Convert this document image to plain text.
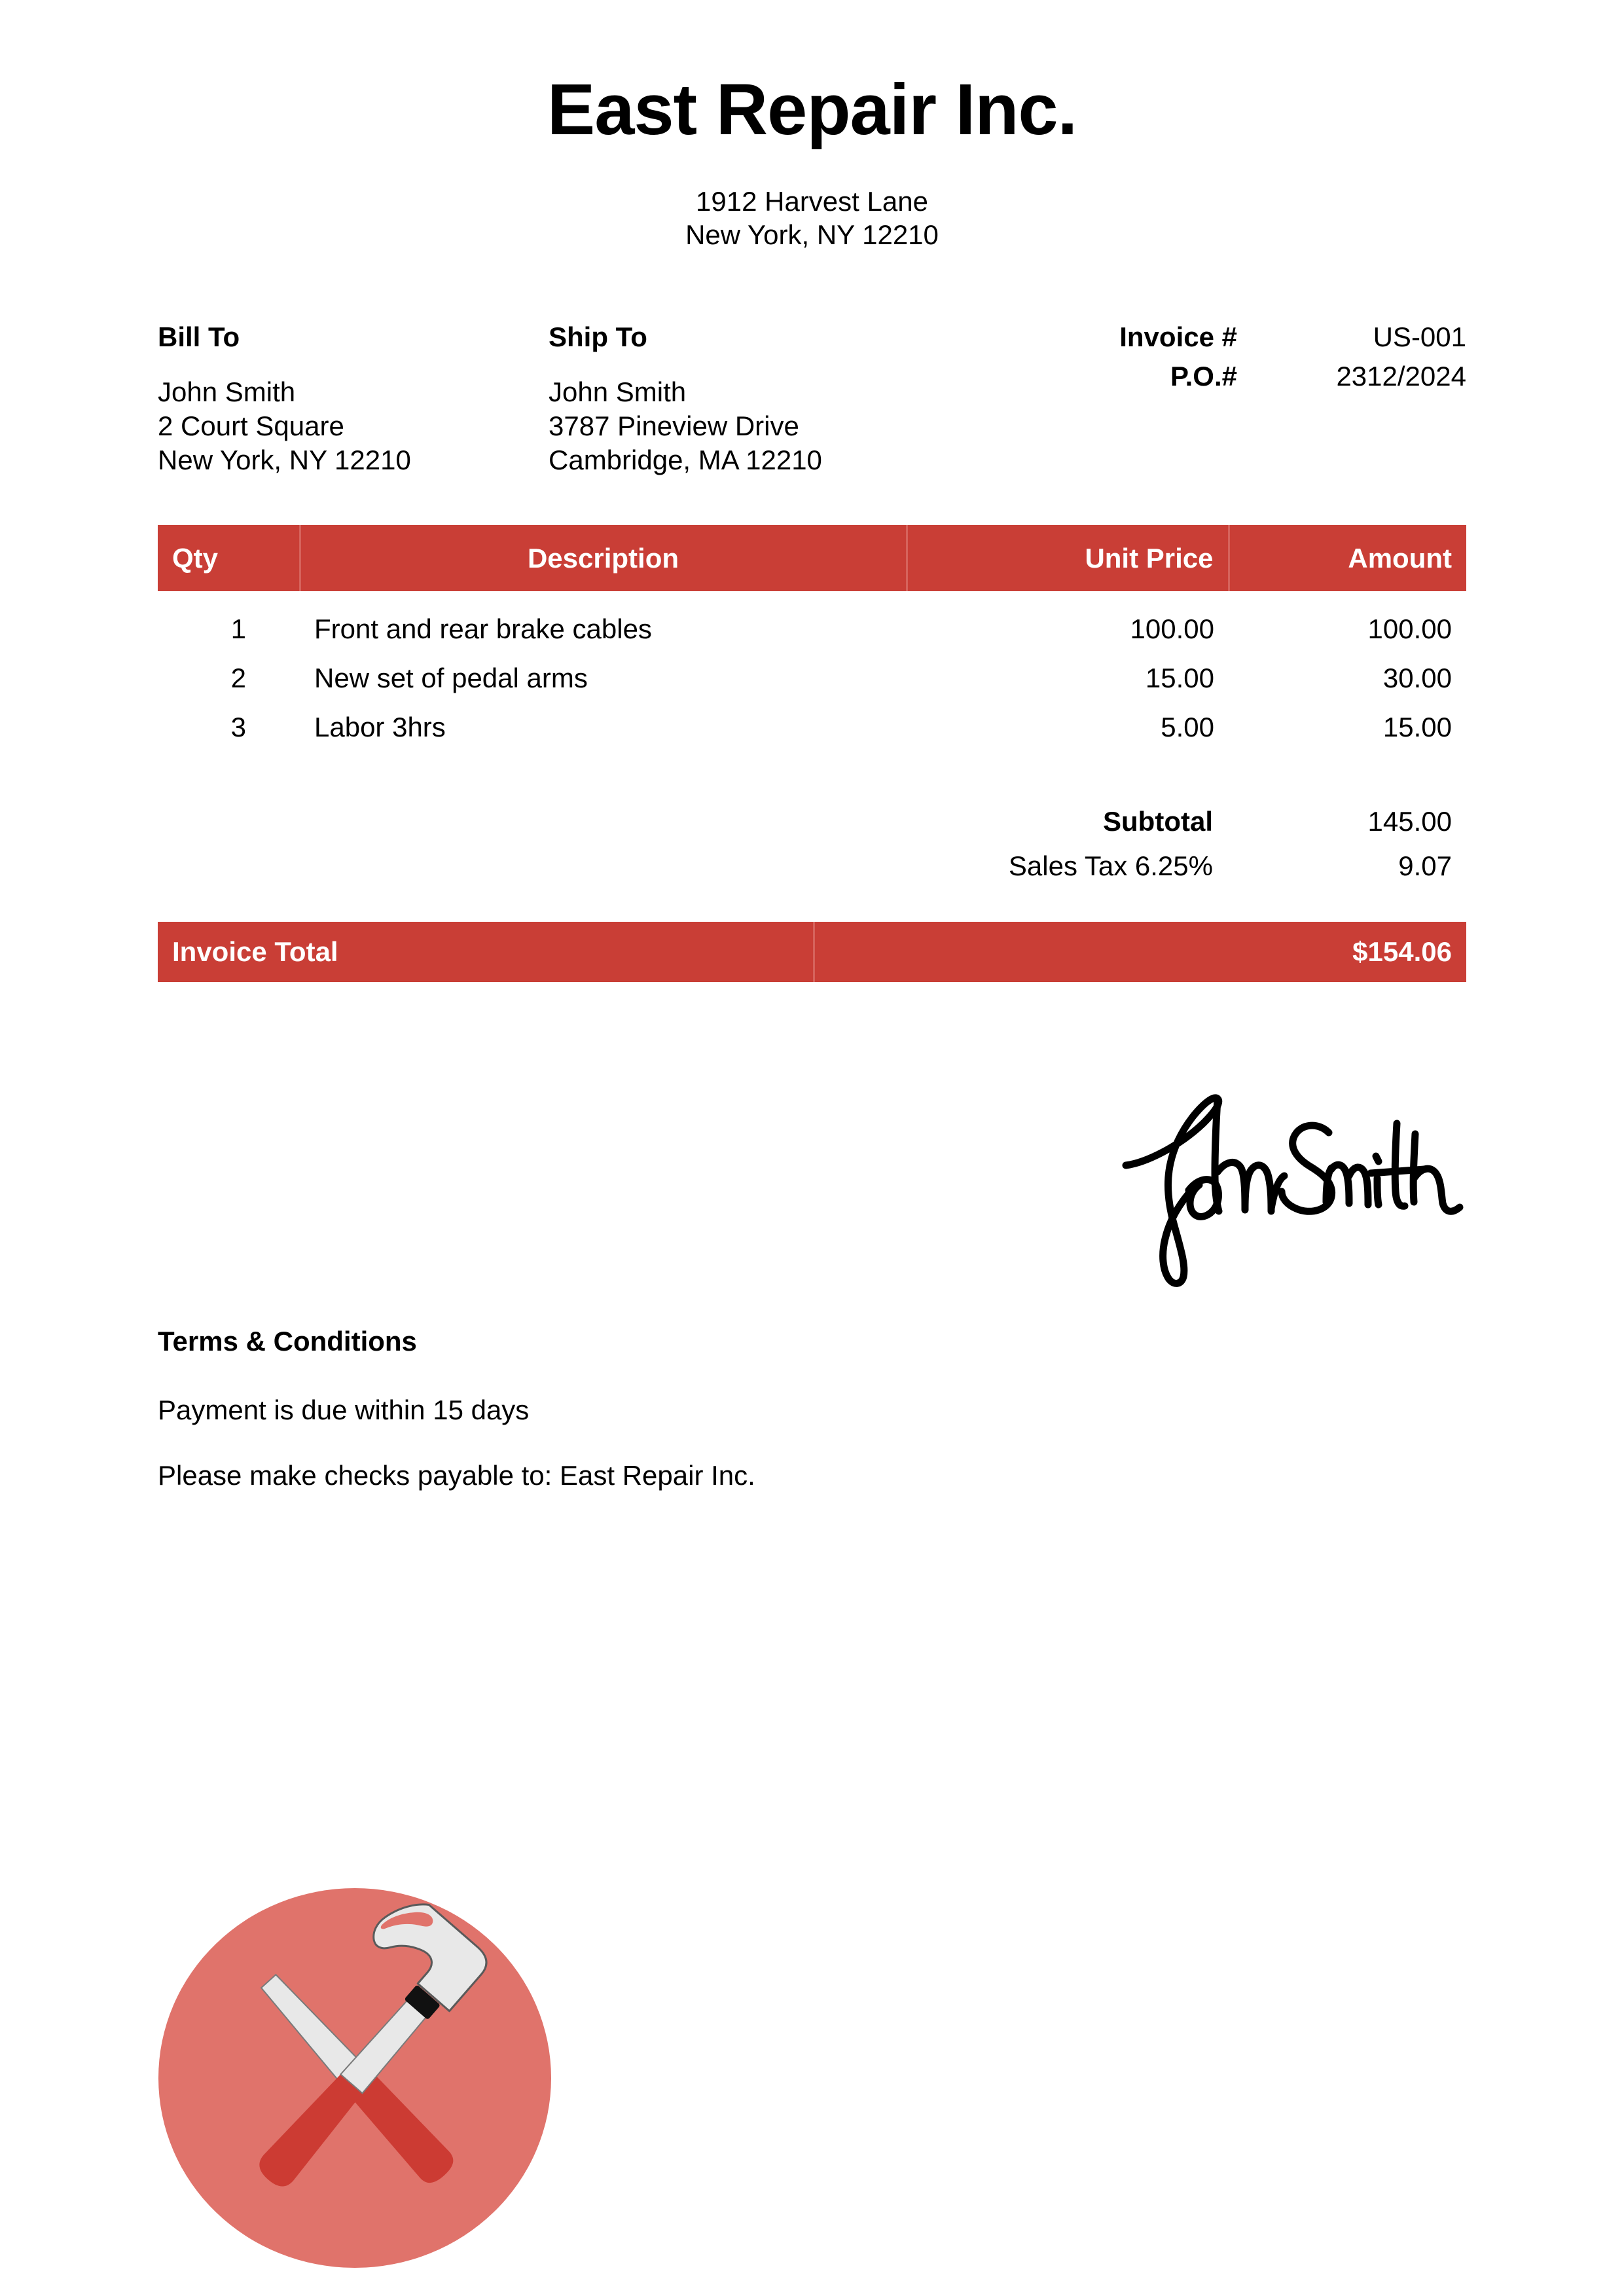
East Repair Inc.
1912 Harvest Lane
New York, NY 12210
Bill To
John Smith
2 Court Square
New York, NY 12210
Ship To
John Smith
3787 Pineview Drive
Cambridge, MA 12210
Invoice #	US-001
P.O.#	2312/2024
Qty	Description	Unit Price	Amount
1	Front and rear brake cables	100.00	100.00
2	New set of pedal arms	15.00	30.00
3	Labor 3hrs	5.00	15.00
Subtotal	145.00
Sales Tax 6.25%	9.07
Invoice Total	$154.06
Terms & Conditions
Payment is due within 15 days
Please make checks payable to: East Repair Inc.
